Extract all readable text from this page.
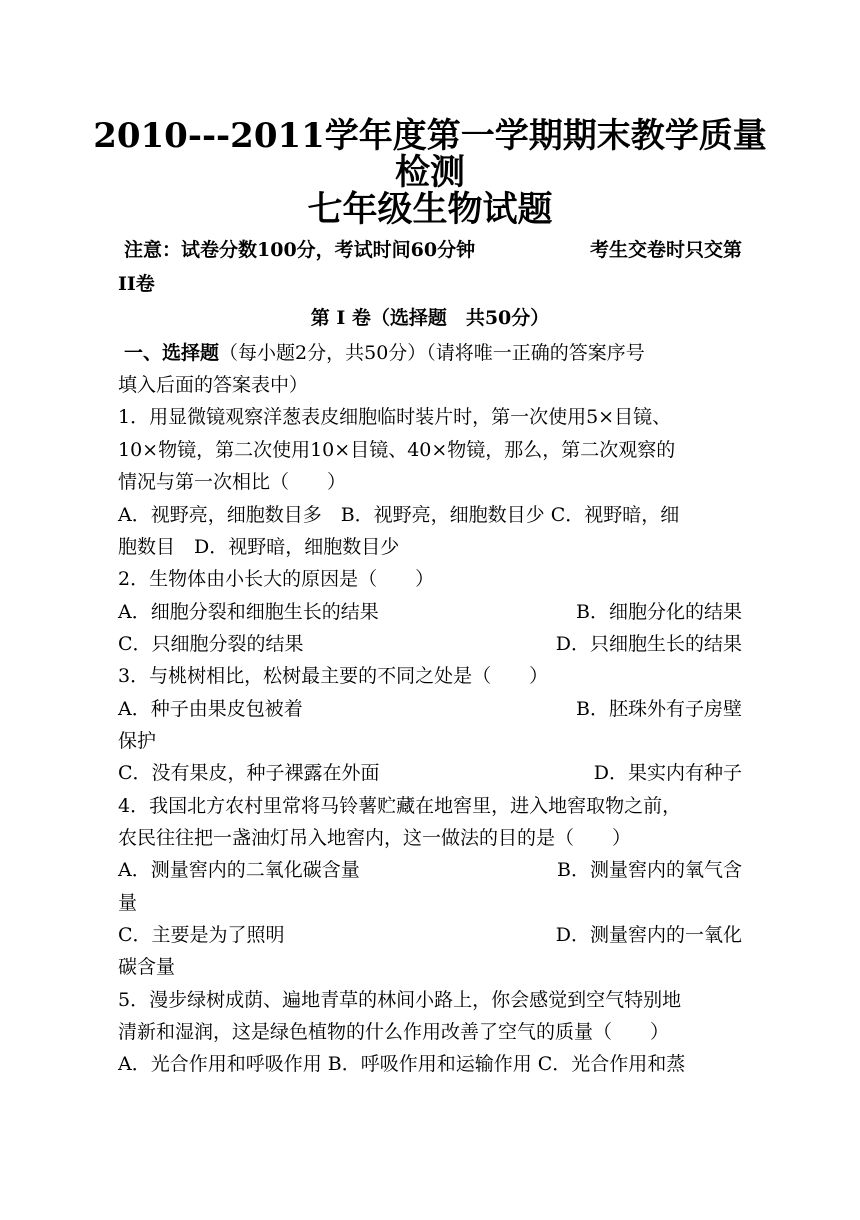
2010---2011学年度第一学期期末教学质量
检测
七年级生物试题
注意：试卷分数100分，考试时间60分钟	考生交卷时只交第
II卷
第 I 卷（选择题　共50分）
一、选择题（每小题2分，共50分）（请将唯一正确的答案序号
填入后面的答案表中）
1．用显微镜观察洋葱表皮细胞临时装片时，第一次使用5×目镜、
10×物镜，第二次使用10×目镜、40×物镜，那么，第二次观察的
情况与第一次相比（　　）
A．视野亮，细胞数目多　B．视野亮，细胞数目少 C．视野暗，细
胞数目　D．视野暗，细胞数目少
2．生物体由小长大的原因是（　　）
A．细胞分裂和细胞生长的结果	B．细胞分化的结果
C．只细胞分裂的结果	D．只细胞生长的结果
3．与桃树相比，松树最主要的不同之处是（　　）
A．种子由果皮包被着	B．胚珠外有子房壁
保护
C．没有果皮，种子裸露在外面	D．果实内有种子
4．我国北方农村里常将马铃薯贮藏在地窖里，进入地窖取物之前，
农民往往把一盏油灯吊入地窖内，这一做法的目的是（　　）
A．测量窖内的二氧化碳含量	B．测量窖内的氧气含
量
C．主要是为了照明	D．测量窖内的一氧化
碳含量
5．漫步绿树成荫、遍地青草的林间小路上，你会感觉到空气特别地
清新和湿润，这是绿色植物的什么作用改善了空气的质量（　　）
A．光合作用和呼吸作用 B．呼吸作用和运输作用 C．光合作用和蒸
